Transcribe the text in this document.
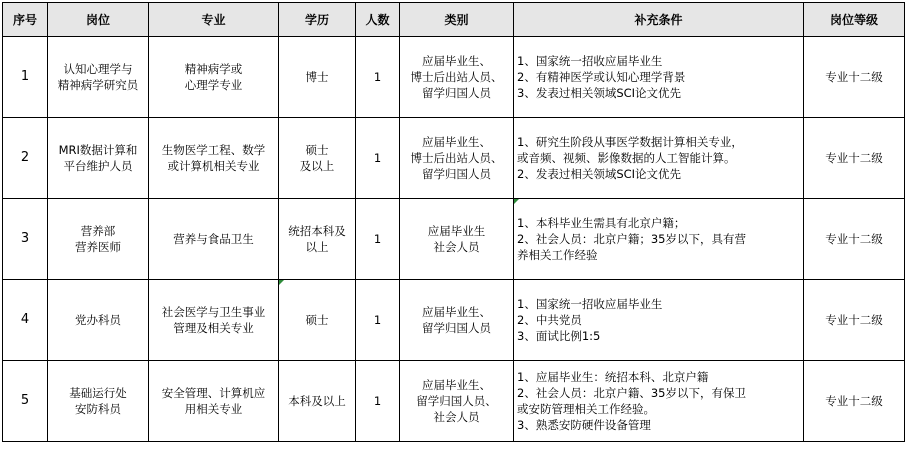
序号	岗位	专业	学历	人数	类别	补充条件	岗位等级
1	认知心理学与
精神病学研究员	精神病学或
心理学专业	博士	1	应届毕业生、
博士后出站人员、
留学归国人员	1、国家统一招收应届毕业生
2、有精神医学或认知心理学背景
3、发表过相关领域SCI论文优先	专业十二级
2	MRI数据计算和
平台维护人员	生物医学工程、数学
或计算机相关专业	硕士
及以上	1	应届毕业生、
博士后出站人员、
留学归国人员	1、研究生阶段从事医学数据计算相关专业，
或音频、视频、影像数据的人工智能计算。
2、发表过相关领域SCI论文优先	专业十二级
3	营养部
营养医师	营养与食品卫生	统招本科及
以上	1	应届毕业生
社会人员	1、本科毕业生需具有北京户籍；
2、社会人员：北京户籍；35岁以下，具有营
养相关工作经验	专业十二级
4	党办科员	社会医学与卫生事业
管理及相关专业	硕士	1	应届毕业生、
留学归国人员	1、国家统一招收应届毕业生
2、中共党员
3、面试比例1:5	专业十二级
5	基础运行处
安防科员	安全管理、计算机应
用相关专业	本科及以上	1	应届毕业生、
留学归国人员、
社会人员	1、应届毕业生：统招本科、北京户籍
2、社会人员：北京户籍、35岁以下，有保卫
或安防管理相关工作经验。
3、熟悉安防硬件设备管理	专业十二级
